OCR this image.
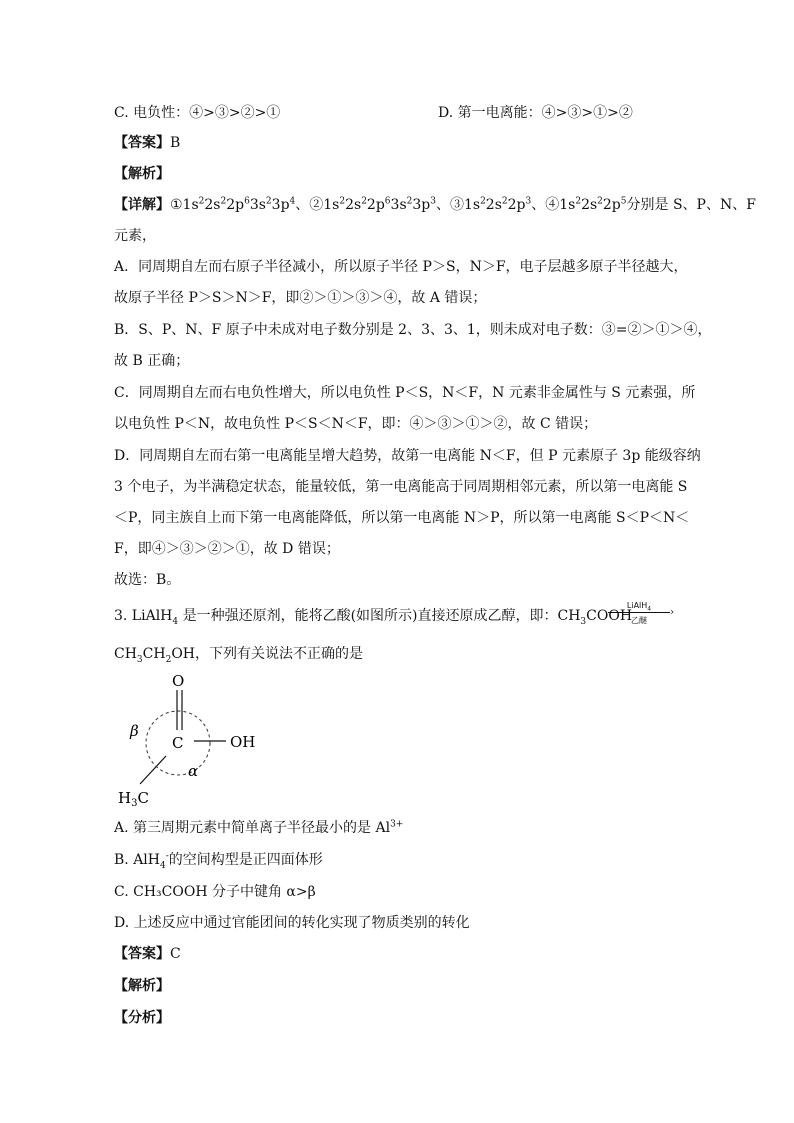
C. 电负性：④>③>②>①	D. 第一电离能：④>③>①>②
【答案】B
【解析】
【详解】$①1s^22s^22p^63s^23p^4$、$②1s^22s^22p^63s^23p^3$、$③1s^22s^22p^3$、$④1s^22s^22p^5$分别是 S、P、N、F
元素，
A．同周期自左而右原子半径减小，所以原子半径 P＞S，N＞F，电子层越多原子半径越大，
故原子半径 P＞S＞N＞F，即②＞①＞③＞④，故 A 错误；
B．S、P、N、F 原子中未成对电子数分别是 2、3、3、1，则未成对电子数：③=②＞①＞④，
故 B 正确；
C．同周期自左而右电负性增大，所以电负性 P＜S，N＜F，N 元素非金属性与 S 元素强，所
以电负性 P＜N，故电负性 P＜S＜N＜F，即：④＞③＞①＞②，故 C 错误；
D．同周期自左而右第一电离能呈增大趋势，故第一电离能 N＜F，但 P 元素原子 3p 能级容纳
3 个电子，为半满稳定状态，能量较低，第一电离能高于同周期相邻元素，所以第一电离能 S
＜P，同主族自上而下第一电离能降低，所以第一电离能 N＞P，所以第一电离能 S＜P＜N＜
F，即④＞③＞②＞①，故 D 错误；
故选：B。
3. LiAlH$_4$ 是一种强还原剂，能将乙酸(如图所示)直接还原成乙醇，即：$CH_3COOH$
LiAlH$_4$	›
乙醚
$CH_3CH_2OH$，下列有关说法不正确的是
O
C	OH
$H_3C$
β
α
A. 第三周期元素中简单离子半径最小的是 $Al^{3+}$
B. AlH$_4$-的空间构型是正四面体形
C. CH₃COOH 分子中键角 α>β
D. 上述反应中通过官能团间的转化实现了物质类别的转化
【答案】C
【解析】
【分析】
